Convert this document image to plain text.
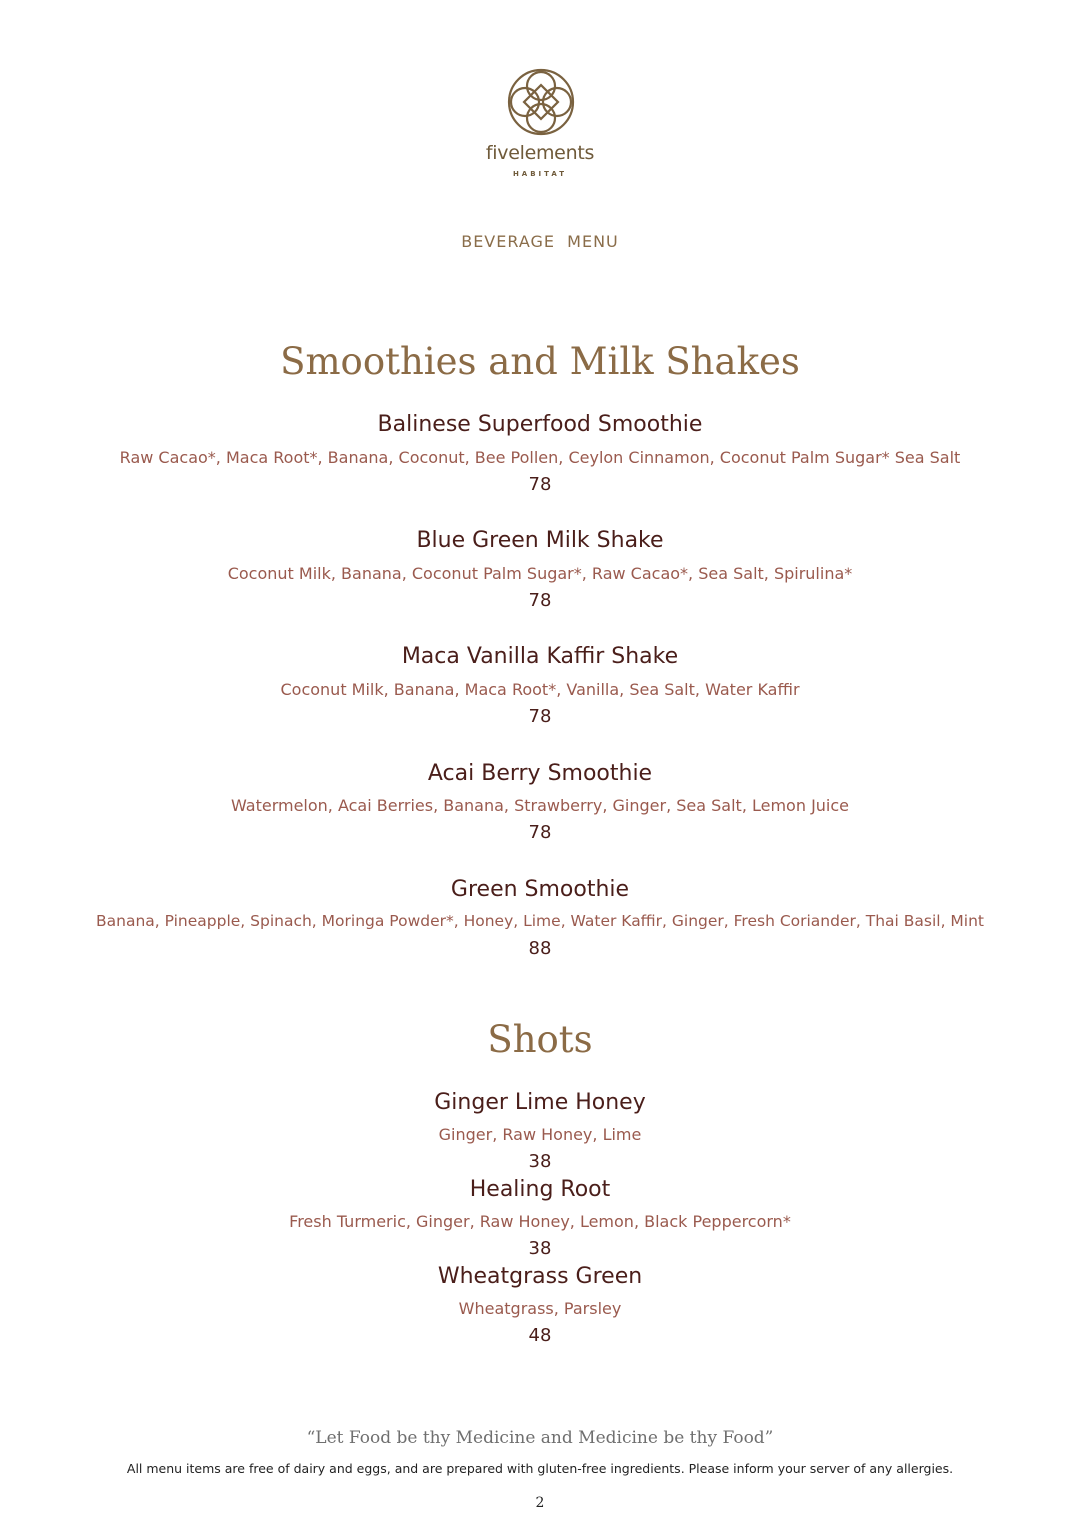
fivelements
HABITAT
BEVERAGE  MENU
Smoothies and Milk Shakes
Balinese Superfood Smoothie
Raw Cacao*, Maca Root*, Banana, Coconut, Bee Pollen, Ceylon Cinnamon, Coconut Palm Sugar* Sea Salt
78
Blue Green Milk Shake
Coconut Milk, Banana, Coconut Palm Sugar*, Raw Cacao*, Sea Salt, Spirulina*
78
Maca Vanilla Kaffir Shake
Coconut Milk, Banana, Maca Root*, Vanilla, Sea Salt, Water Kaffir
78
Acai Berry Smoothie
Watermelon, Acai Berries, Banana, Strawberry, Ginger, Sea Salt, Lemon Juice
78
Green Smoothie
Banana, Pineapple, Spinach, Moringa Powder*, Honey, Lime, Water Kaffir, Ginger, Fresh Coriander, Thai Basil, Mint
88
Shots
Ginger Lime Honey
Ginger, Raw Honey, Lime
38
Healing Root
Fresh Turmeric, Ginger, Raw Honey, Lemon, Black Peppercorn*
38
Wheatgrass Green
Wheatgrass, Parsley
48
“Let Food be thy Medicine and Medicine be thy Food”
All menu items are free of dairy and eggs, and are prepared with gluten-free ingredients. Please inform your server of any allergies.
2
